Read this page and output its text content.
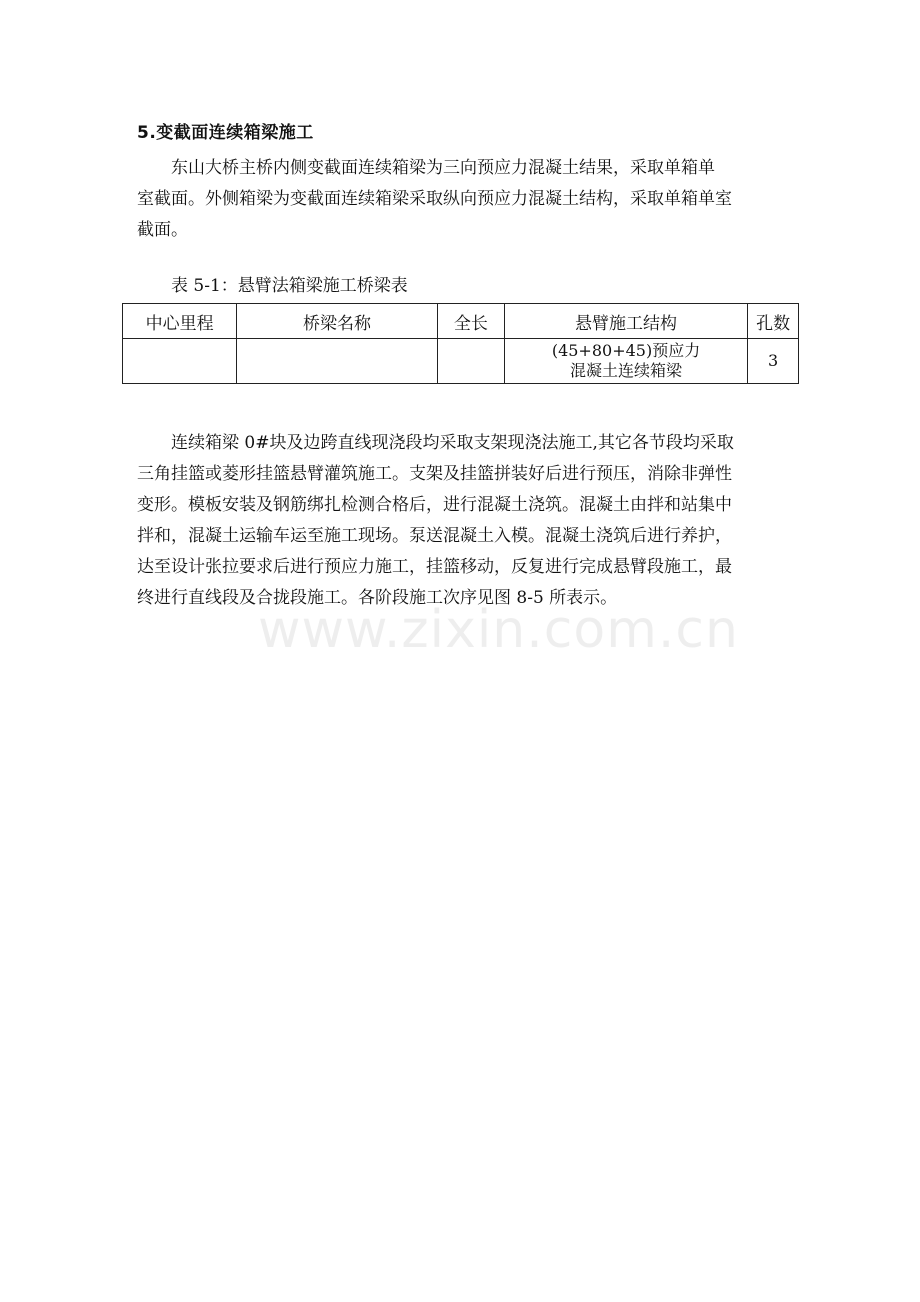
5.变截面连续箱梁施工
东山大桥主桥内侧变截面连续箱梁为三向预应力混凝土结果，采取单箱单
室截面。外侧箱梁为变截面连续箱梁采取纵向预应力混凝土结构，采取单箱单室
截面。
表 5-1：悬臂法箱梁施工桥梁表
中心里程	桥梁名称	全长	悬臂施工结构	孔数

			(45+80+45)预应力
混凝土连续箱梁	3
连续箱梁 0#块及边跨直线现浇段均采取支架现浇法施工,其它各节段均采取
三角挂篮或菱形挂篮悬臂灌筑施工。支架及挂篮拼装好后进行预压，消除非弹性
变形。模板安装及钢筋绑扎检测合格后，进行混凝土浇筑。混凝土由拌和站集中
拌和，混凝土运输车运至施工现场。泵送混凝土入模。混凝土浇筑后进行养护，
达至设计张拉要求后进行预应力施工，挂篮移动，反复进行完成悬臂段施工，最
终进行直线段及合拢段施工。各阶段施工次序见图 8-5 所表示。
www.zixin.com.cn
